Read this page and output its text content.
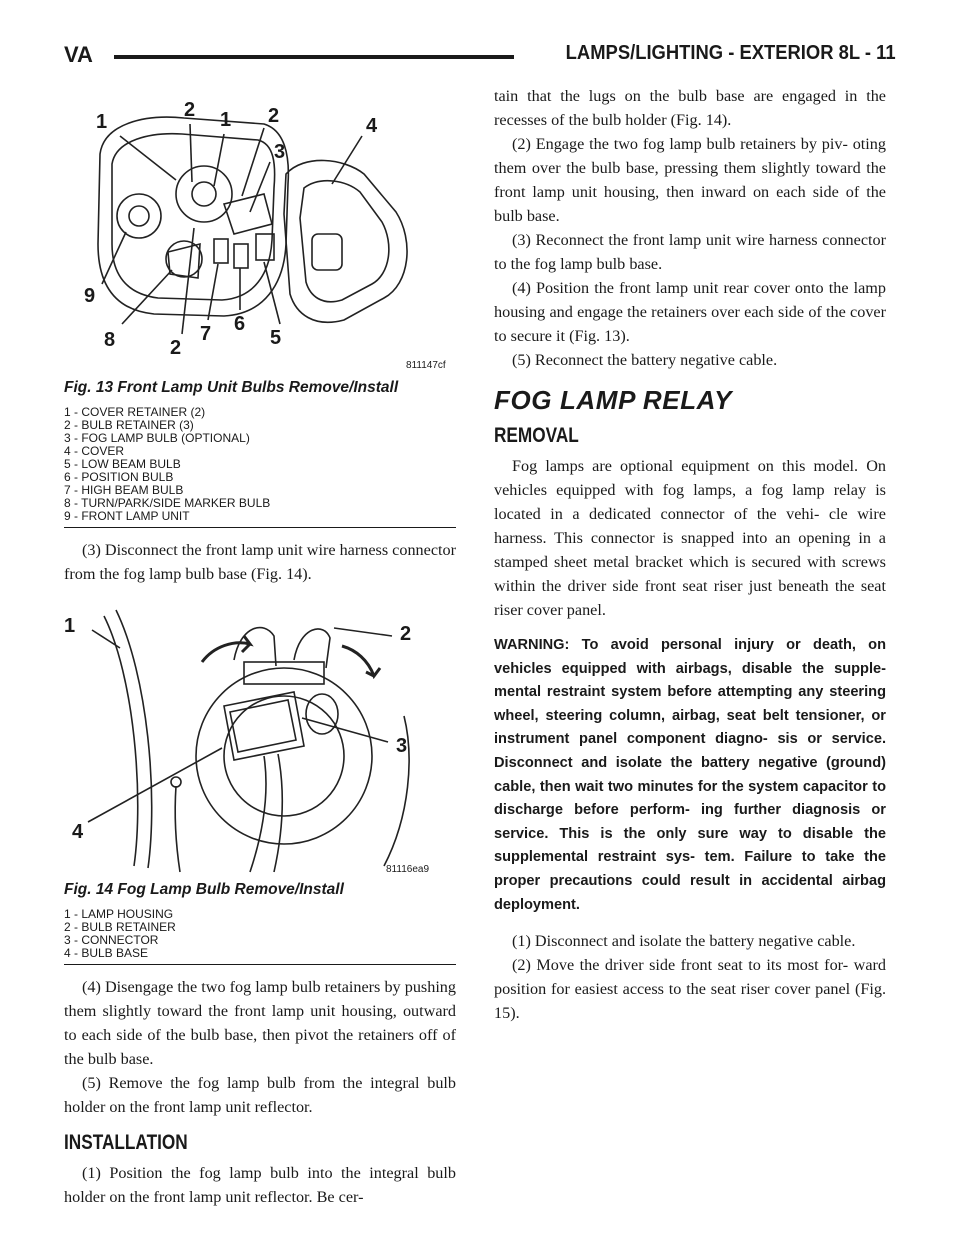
VA	LAMPS/LIGHTING - EXTERIOR 8L - 11
1
2 1 2
3
4
9
8	2
7 6
5
811147cf
Fig. 13 Front Lamp Unit Bulbs Remove/Install
1 - COVER RETAINER (2)
2 - BULB RETAINER (3)
3 - FOG LAMP BULB (OPTIONAL)
4 - COVER
5 - LOW BEAM BULB
6 - POSITION BULB
7 - HIGH BEAM BULB
8 - TURN/PARK/SIDE MARKER BULB
9 - FRONT LAMP UNIT

(3) Disconnect the front lamp unit wire harness connector from the fog lamp bulb base (Fig. 14).

1	2
3
4
81116ea9
Fig. 14 Fog Lamp Bulb Remove/Install
1 - LAMP HOUSING
2 - BULB RETAINER
3 - CONNECTOR
4 - BULB BASE

(4) Disengage the two fog lamp bulb retainers by pushing them slightly toward the front lamp unit housing, outward to each side of the bulb base, then pivot the retainers off of the bulb base.

(5) Remove the fog lamp bulb from the integral bulb holder on the front lamp unit reflector.

INSTALLATION

(1) Position the fog lamp bulb into the integral bulb holder on the front lamp unit reflector. Be cer-

tain that the lugs on the bulb base are engaged in the recesses of the bulb holder (Fig. 14).

(2) Engage the two fog lamp bulb retainers by piv- oting them over the bulb base, pressing them slightly toward the front lamp unit housing, then inward on each side of the bulb base.

(3) Reconnect the front lamp unit wire harness connector to the fog lamp bulb base.

(4) Position the front lamp unit rear cover onto the lamp housing and engage the retainers over each side of the cover to secure it (Fig. 13).

(5) Reconnect the battery negative cable.

FOG LAMP RELAY
REMOVAL

Fog lamps are optional equipment on this model. On vehicles equipped with fog lamps, a fog lamp relay is located in a dedicated connector of the vehi- cle wire harness. This connector is snapped into an opening in a stamped sheet metal bracket which is secured with screws within the driver side front seat riser just beneath the seat riser cover panel.

WARNING: To avoid personal injury or death, on vehicles equipped with airbags, disable the supple- mental restraint system before attempting any steering wheel, steering column, airbag, seat belt tensioner, or instrument panel component diagno- sis or service. Disconnect and isolate the battery negative (ground) cable, then wait two minutes for the system capacitor to discharge before perform- ing further diagnosis or service. This is the only sure way to disable the supplemental restraint sys- tem. Failure to take the proper precautions could result in accidental airbag deployment.

(1) Disconnect and isolate the battery negative cable.

(2) Move the driver side front seat to its most for- ward position for easiest access to the seat riser cover panel (Fig. 15).
